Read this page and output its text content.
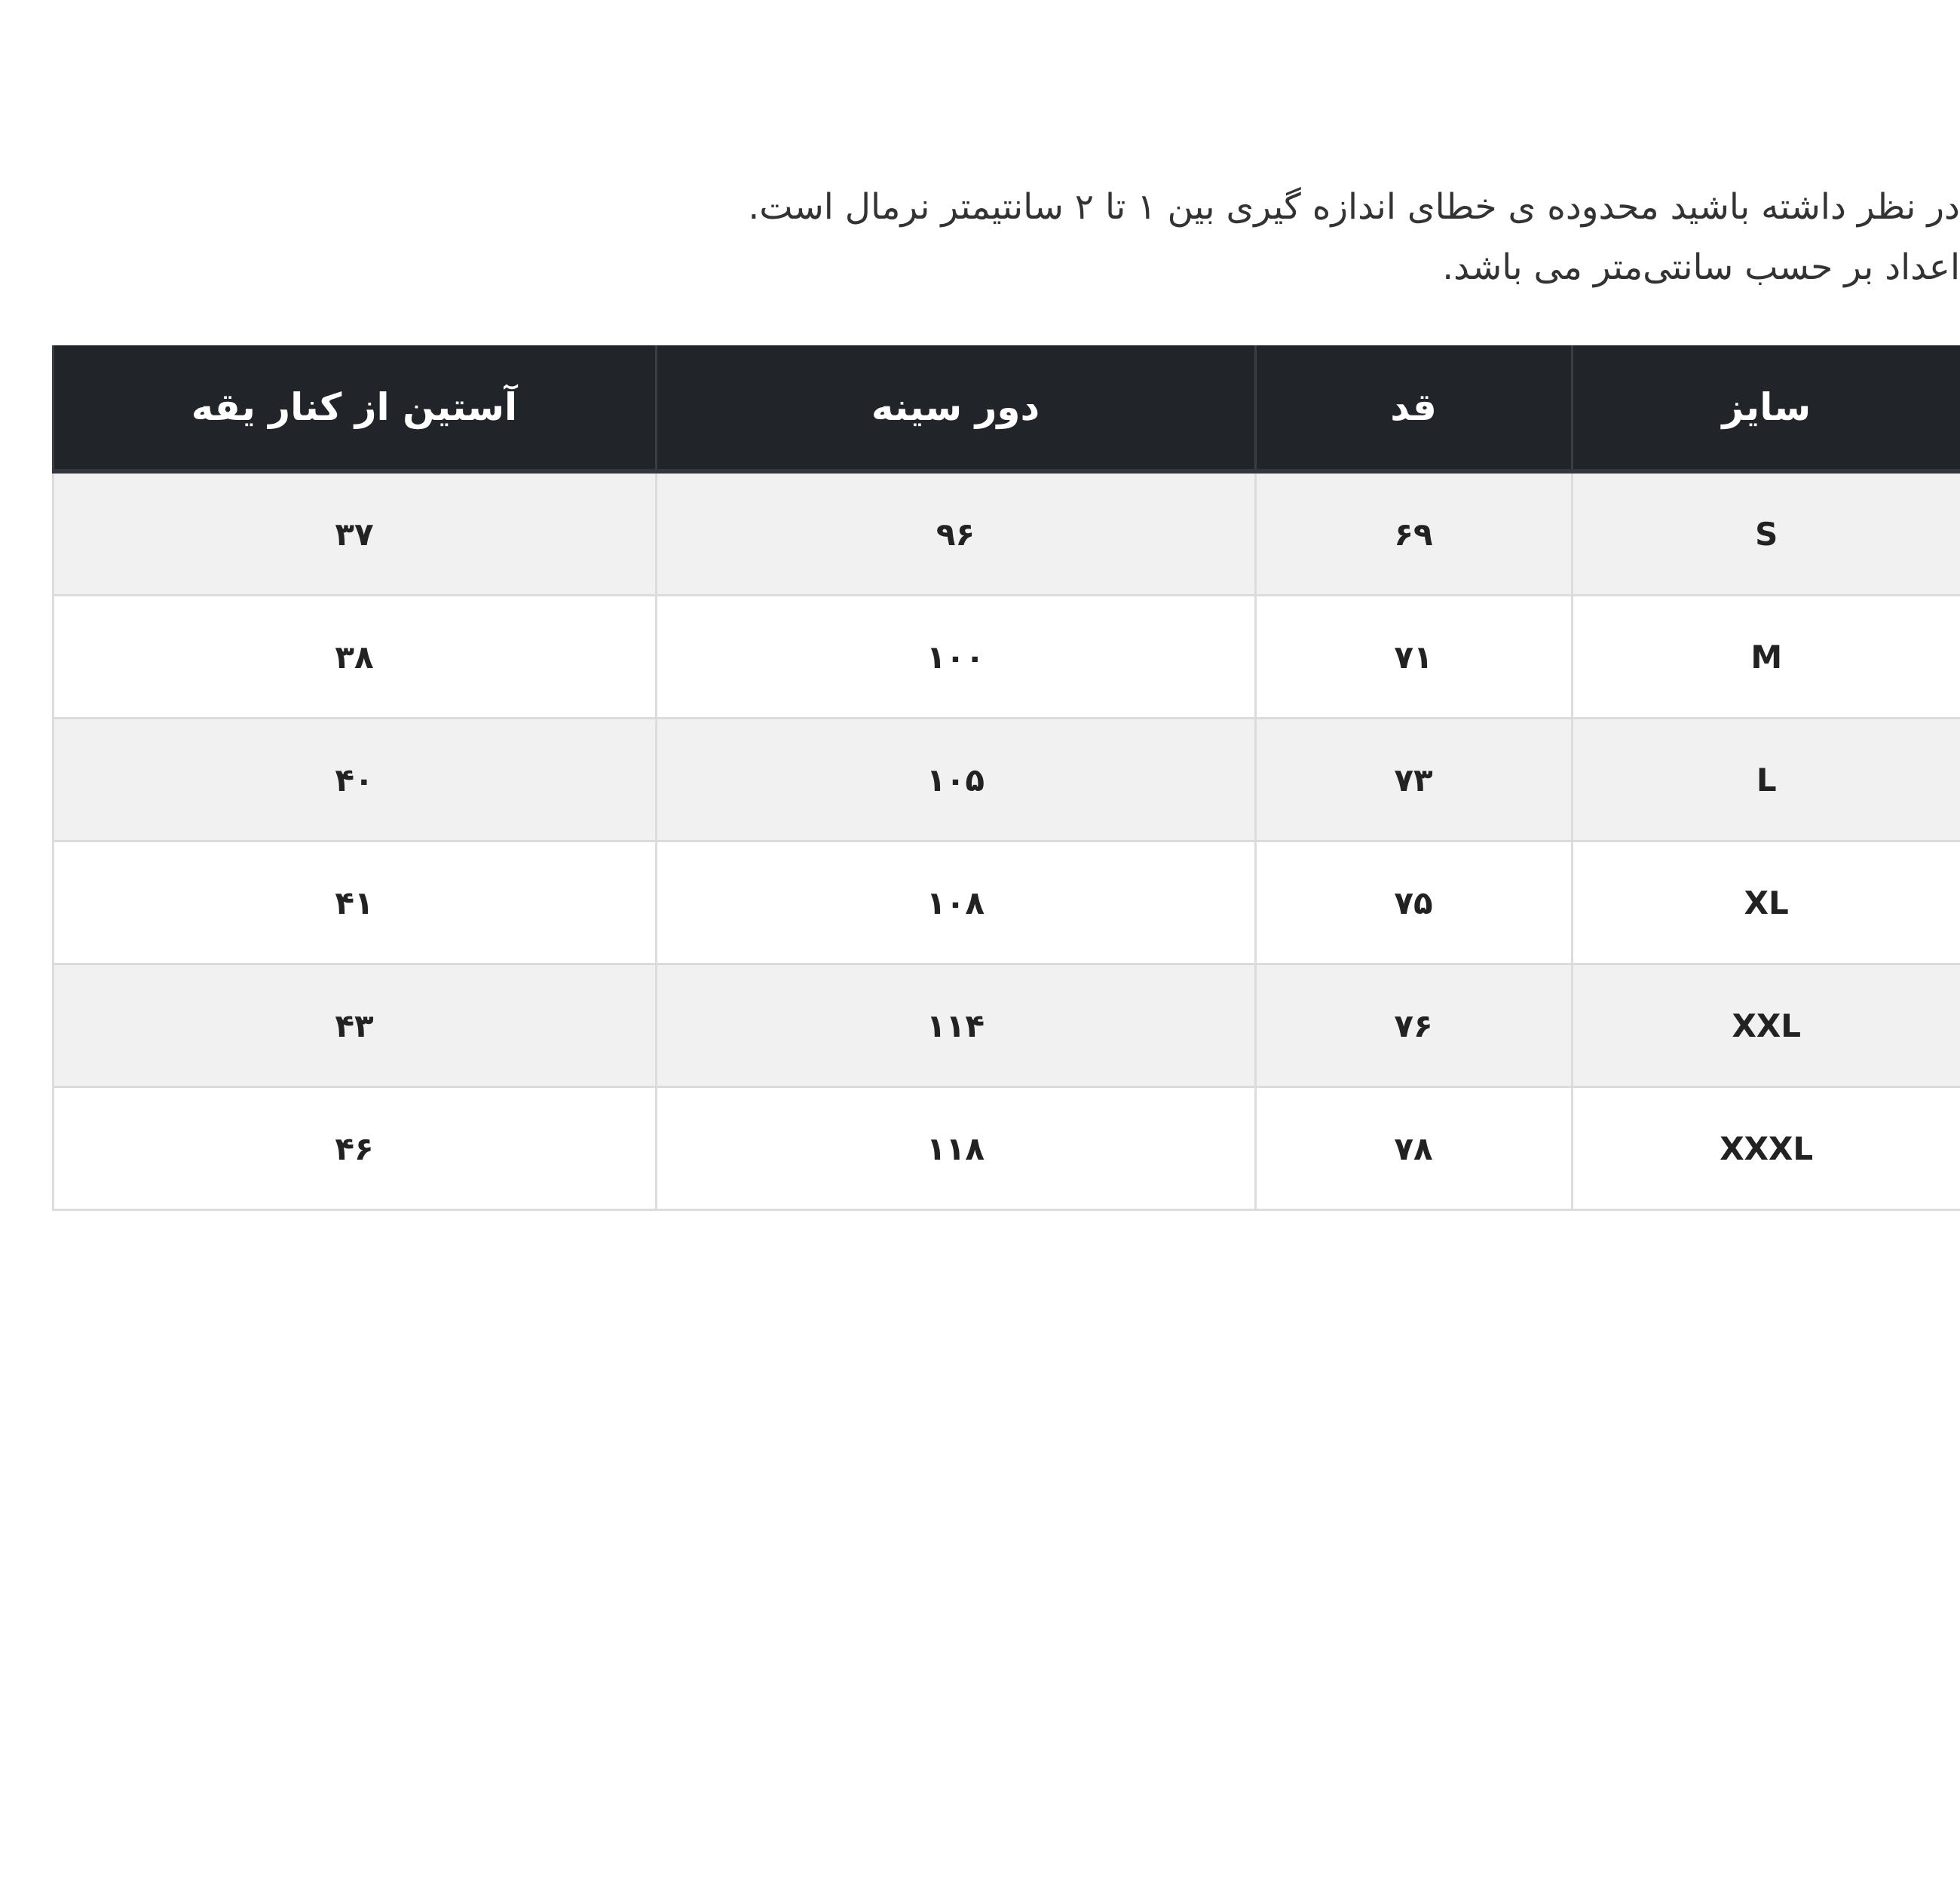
در نظر داشته باشید محدوده ی خطای اندازه گیری بین ۱ تا ۲ سانتیمتر نرمال است.

اعداد بر حسب سانتی‌متر می باشد.

سایز	قد	دور سینه	آستین از کنار یقه
S	۶۹	۹۶	۳۷
M	۷۱	۱۰۰	۳۸
L	۷۳	۱۰۵	۴۰
XL	۷۵	۱۰۸	۴۱
XXL	۷۶	۱۱۴	۴۳
XXXL	۷۸	۱۱۸	۴۶
